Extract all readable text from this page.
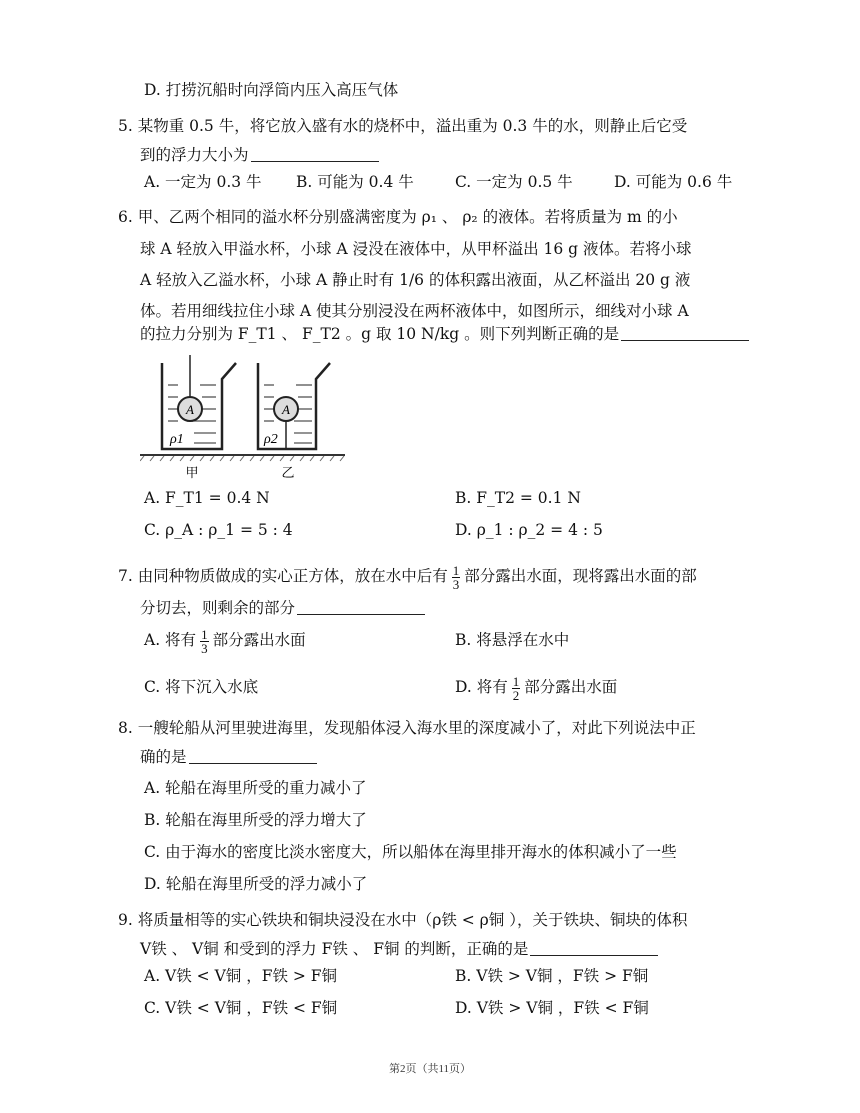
D. 打捞沉船时向浮筒内压入高压气体
5. 某物重 0.5 牛，将它放入盛有水的烧杯中，溢出重为 0.3 牛的水，则静止后它受
到的浮力大小为
A. 一定为 0.3 牛 B. 可能为 0.4 牛	C. 一定为 0.5 牛	D. 可能为 0.6 牛
6. 甲、乙两个相同的溢水杯分别盛满密度为 ρ₁ 、 ρ₂ 的液体。若将质量为 m 的小
球 A 轻放入甲溢水杯，小球 A 浸没在液体中，从甲杯溢出 16 g 液体。若将小球
A 轻放入乙溢水杯，小球 A 静止时有 1/6 的体积露出液面，从乙杯溢出 20 g 液
体。若用细线拉住小球 A 使其分别浸没在两杯液体中，如图所示，细线对小球 A
的拉力分别为 F_T1 、 F_T2 。g 取 10 N/kg 。则下列判断正确的是
A
ρ1
A
ρ2
甲	乙
A. F_T1 = 0.4 N	B. F_T2 = 0.1 N
C. ρ_A : ρ_1 = 5 : 4	D. ρ_1 : ρ_2 = 4 : 5
7. 由同种物质做成的实心正方体，放在水中后有 $\frac{1}{3}$ 部分露出水面，现将露出水面的部
分切去，则剩余的部分
A. 将有 $\frac{1}{3}$ 部分露出水面	B. 将悬浮在水中
C. 将下沉入水底	D. 将有 $\frac{1}{2}$ 部分露出水面
8. 一艘轮船从河里驶进海里，发现船体浸入海水里的深度减小了，对此下列说法中正
确的是
A. 轮船在海里所受的重力减小了
B. 轮船在海里所受的浮力增大了
C. 由于海水的密度比淡水密度大，所以船体在海里排开海水的体积减小了一些
D. 轮船在海里所受的浮力减小了
9. 将质量相等的实心铁块和铜块浸没在水中（ρ铁 < ρ铜 ），关于铁块、铜块的体积
V铁 、 V铜 和受到的浮力 F铁 、 F铜 的判断，正确的是
A. V铁 < V铜 ，F铁 > F铜	B. V铁 > V铜 ，F铁 > F铜
C. V铁 < V铜 ，F铁 < F铜	D. V铁 > V铜 ，F铁 < F铜
第2页（共11页）
